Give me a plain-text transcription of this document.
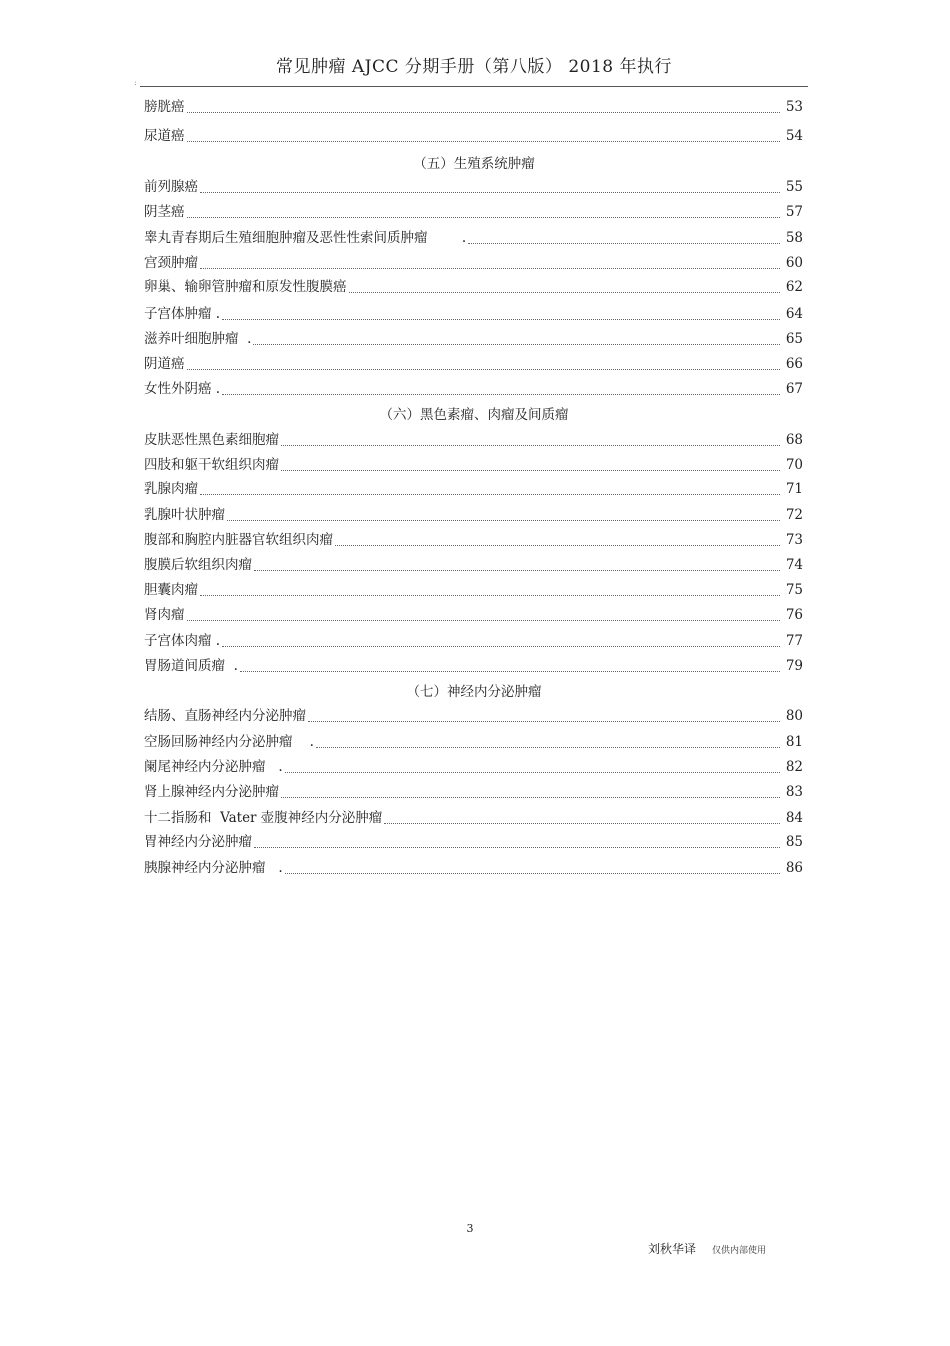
常见肿瘤 AJCC 分期手册（第八版） 2018 年执行
:
膀胱癌	53
尿道癌	54
（五）生殖系统肿瘤
前列腺癌	55
阴茎癌	57
睾丸青春期后生殖细胞肿瘤及恶性性索间质肿瘤        .	58
宫颈肿瘤	60
卵巢、输卵管肿瘤和原发性腹膜癌	62
子宫体肿瘤 .	64
滋养叶细胞肿瘤  .	65
阴道癌	66
女性外阴癌 .	67
（六）黑色素瘤、肉瘤及间质瘤
皮肤恶性黑色素细胞瘤	68
四肢和躯干软组织肉瘤	70
乳腺肉瘤	71
乳腺叶状肿瘤	72
腹部和胸腔内脏器官软组织肉瘤	73
腹膜后软组织肉瘤	74
胆囊肉瘤	75
肾肉瘤	76
子宫体肉瘤 .	77
胃肠道间质瘤  .	79
（七）神经内分泌肿瘤
结肠、直肠神经内分泌肿瘤	80
空肠回肠神经内分泌肿瘤    .	81
阑尾神经内分泌肿瘤   .	82
肾上腺神经内分泌肿瘤	83
十二指肠和  Vater 壶腹神经内分泌肿瘤	84
胃神经内分泌肿瘤	85
胰腺神经内分泌肿瘤   .	86
3
刘秋华译 仅供内部使用
